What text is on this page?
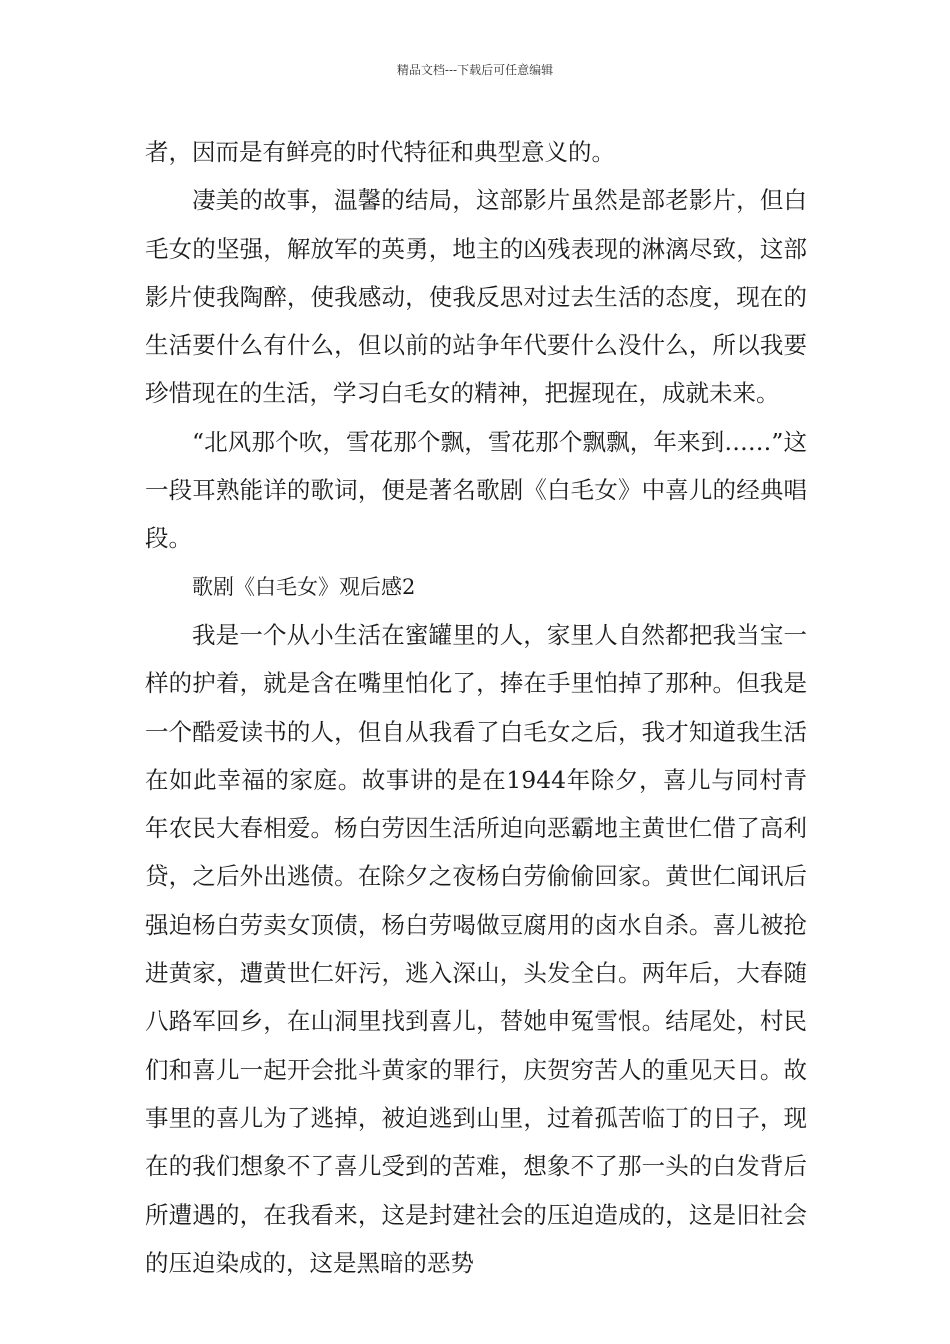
精品文档---下载后可任意编辑

者，因而是有鲜亮的时代特征和典型意义的。

凄美的故事，温馨的结局，这部影片虽然是部老影片，但白毛女的坚强，解放军的英勇，地主的凶残表现的淋漓尽致，这部影片使我陶醉，使我感动，使我反思对过去生活的态度，现在的生活要什么有什么，但以前的站争年代要什么没什么，所以我要珍惜现在的生活，学习白毛女的精神，把握现在，成就未来。

“北风那个吹，雪花那个飘，雪花那个飘飘，年来到……”这一段耳熟能详的歌词，便是著名歌剧《白毛女》中喜儿的经典唱段。

歌剧《白毛女》观后感2

我是一个从小生活在蜜罐里的人，家里人自然都把我当宝一样的护着，就是含在嘴里怕化了，捧在手里怕掉了那种。但我是一个酷爱读书的人，但自从我看了白毛女之后，我才知道我生活在如此幸福的家庭。故事讲的是在1944年除夕，喜儿与同村青年农民大春相爱。杨白劳因生活所迫向恶霸地主黄世仁借了高利贷，之后外出逃债。在除夕之夜杨白劳偷偷回家。黄世仁闻讯后强迫杨白劳卖女顶债，杨白劳喝做豆腐用的卤水自杀。喜儿被抢进黄家，遭黄世仁奸污，逃入深山，头发全白。两年后，大春随八路军回乡，在山洞里找到喜儿，替她申冤雪恨。结尾处，村民们和喜儿一起开会批斗黄家的罪行，庆贺穷苦人的重见天日。故事里的喜儿为了逃掉，被迫逃到山里，过着孤苦临丁的日子，现在的我们想象不了喜儿受到的苦难，想象不了那一头的白发背后所遭遇的，在我看来，这是封建社会的压迫造成的，这是旧社会的压迫染成的，这是黑暗的恶势
